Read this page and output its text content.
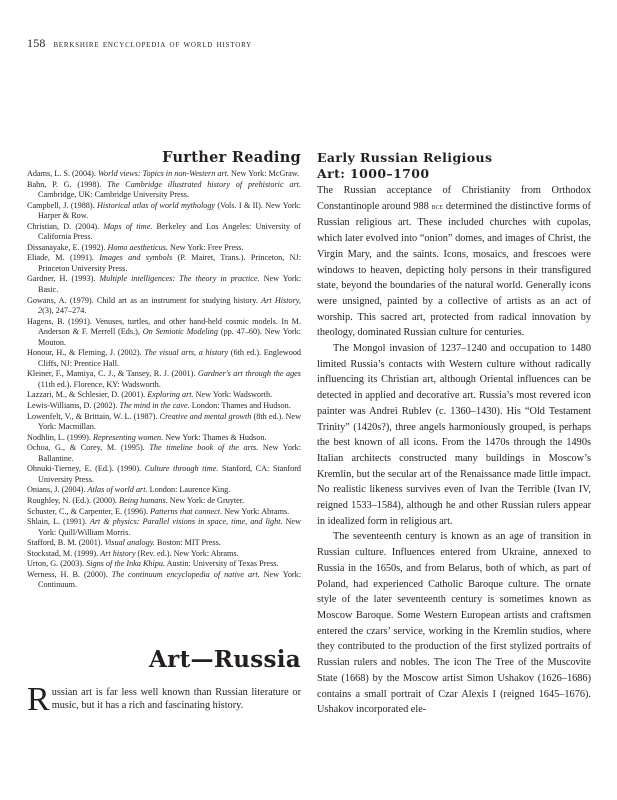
158 berkshire encyclopedia of world history
Further Reading
Adams, L. S. (2004). World views: Topics in non-Western art. New York: McGraw.
Bahn, P. G. (1998). The Cambridge illustrated history of prehistoric art. Cambridge, UK: Cambridge University Press.
Campbell, J. (1988). Historical atlas of world mythology (Vols. I & II). New York: Harper & Row.
Christian, D. (2004). Maps of time. Berkeley and Los Angeles: University of California Press.
Dissanayake, E. (1992). Homo aestheticus. New York: Free Press.
Eliade, M. (1991). Images and symbols (P. Mairet, Trans.). Princeton, NJ: Princeton University Press.
Gardner, H. (1993). Multiple intelligences: The theory in practice. New York: Basic.
Gowans, A. (1979). Child art as an instrument for studying history. Art History, 2(3), 247–274.
Hagens, B. (1991). Venuses, turtles, and other hand-held cosmic models. In M. Anderson & F. Merrell (Eds.), On Semiotic Modeling (pp. 47–60). New York: Mouton.
Honour, H., & Fleming, J. (2002). The visual arts, a history (6th ed.). Englewood Cliffs, NJ: Prentice Hall.
Kleiner, F., Mamiya, C. J., & Tansey, R. J. (2001). Gardner's art through the ages (11th ed.). Florence, KY: Wadsworth.
Lazzari, M., & Schlesier, D. (2001). Exploring art. New York: Wadsworth.
Lewis-Williams, D. (2002). The mind in the cave. London: Thames and Hudson.
Lowenfelt, V., & Brittain, W. L. (1987). Creative and mental growth (8th ed.). New York: Macmillan.
Nodhlin, L. (1999). Representing women. New York: Thames & Hudson.
Ochoa, G., & Corey, M. (1995). The timeline book of the arts. New York: Ballantine.
Ohnuki-Tierney, E. (Ed.). (1990). Culture through time. Stanford, CA: Stanford University Press.
Onians, J. (2004). Atlas of world art. London: Laurence King.
Roughley, N. (Ed.). (2000). Being humans. New York: de Gruyter.
Schuster, C., & Carpenter, E. (1996). Patterns that connect. New York: Abrams.
Shlain, L. (1991). Art & physics: Parallel visions in space, time, and light. New York: Quill/William Morris.
Stafford, B. M. (2001). Visual analogy. Boston: MIT Press.
Stockstad, M. (1999). Art history (Rev. ed.). New York: Abrams.
Urton, G. (2003). Signs of the Inka Khipu. Austin: University of Texas Press.
Werness, H. B. (2000). The continuum encyclopedia of native art. New York: Continuum.
Art—Russia

Russian art is far less well known than Russian literature or music, but it has a rich and fascinating history.

Early Russian Religious
Art: 1000–1700

The Russian acceptance of Christianity from Orthodox Constantinople around 988 bce determined the distinctive forms of Russian religious art. These included churches with cupolas, which later evolved into “onion” domes, and images of Christ, the Virgin Mary, and the saints. Icons, mosaics, and frescoes were windows to heaven, depicting holy persons in their transfigured state, beyond the boundaries of the natural world. Generally icons were unsigned, painted by a collective of artists as an act of worship. This sacred art, protected from radical innovation by theology, dominated Russian culture for centuries.

The Mongol invasion of 1237–1240 and occupation to 1480 limited Russia’s contacts with Western culture without radically influencing its Christian art, although Oriental influences can be detected in applied and decorative art. Russia’s most revered icon painter was Andrei Rublev (c. 1360–1430). His “Old Testament Trinity” (1420s?), three angels harmoniously grouped, is perhaps the best known of all icons. From the 1470s through the 1490s Italian architects constructed many buildings in Moscow’s Kremlin, but the secular art of the Renaissance made little impact. No realistic likeness survives even of Ivan the Terrible (Ivan IV, reigned 1533–1584), although he and other Russian rulers appear in idealized form in religious art.

The seventeenth century is known as an age of transition in Russian culture. Influences entered from Ukraine, annexed to Russia in the 1650s, and from Belarus, both of which, as part of Poland, had experienced Catholic Baroque culture. The ornate style of the later seventeenth century is sometimes known as Moscow Baroque. Some Western European artists and craftsmen entered the czars’ service, working in the Kremlin studios, where they contributed to the production of the first stylized portraits of Russian rulers and nobles. The icon The Tree of the Muscovite State (1668) by the Moscow artist Simon Ushakov (1626–1686) contains a small portrait of Czar Alexis I (reigned 1645–1676). Ushakov incorporated ele-
